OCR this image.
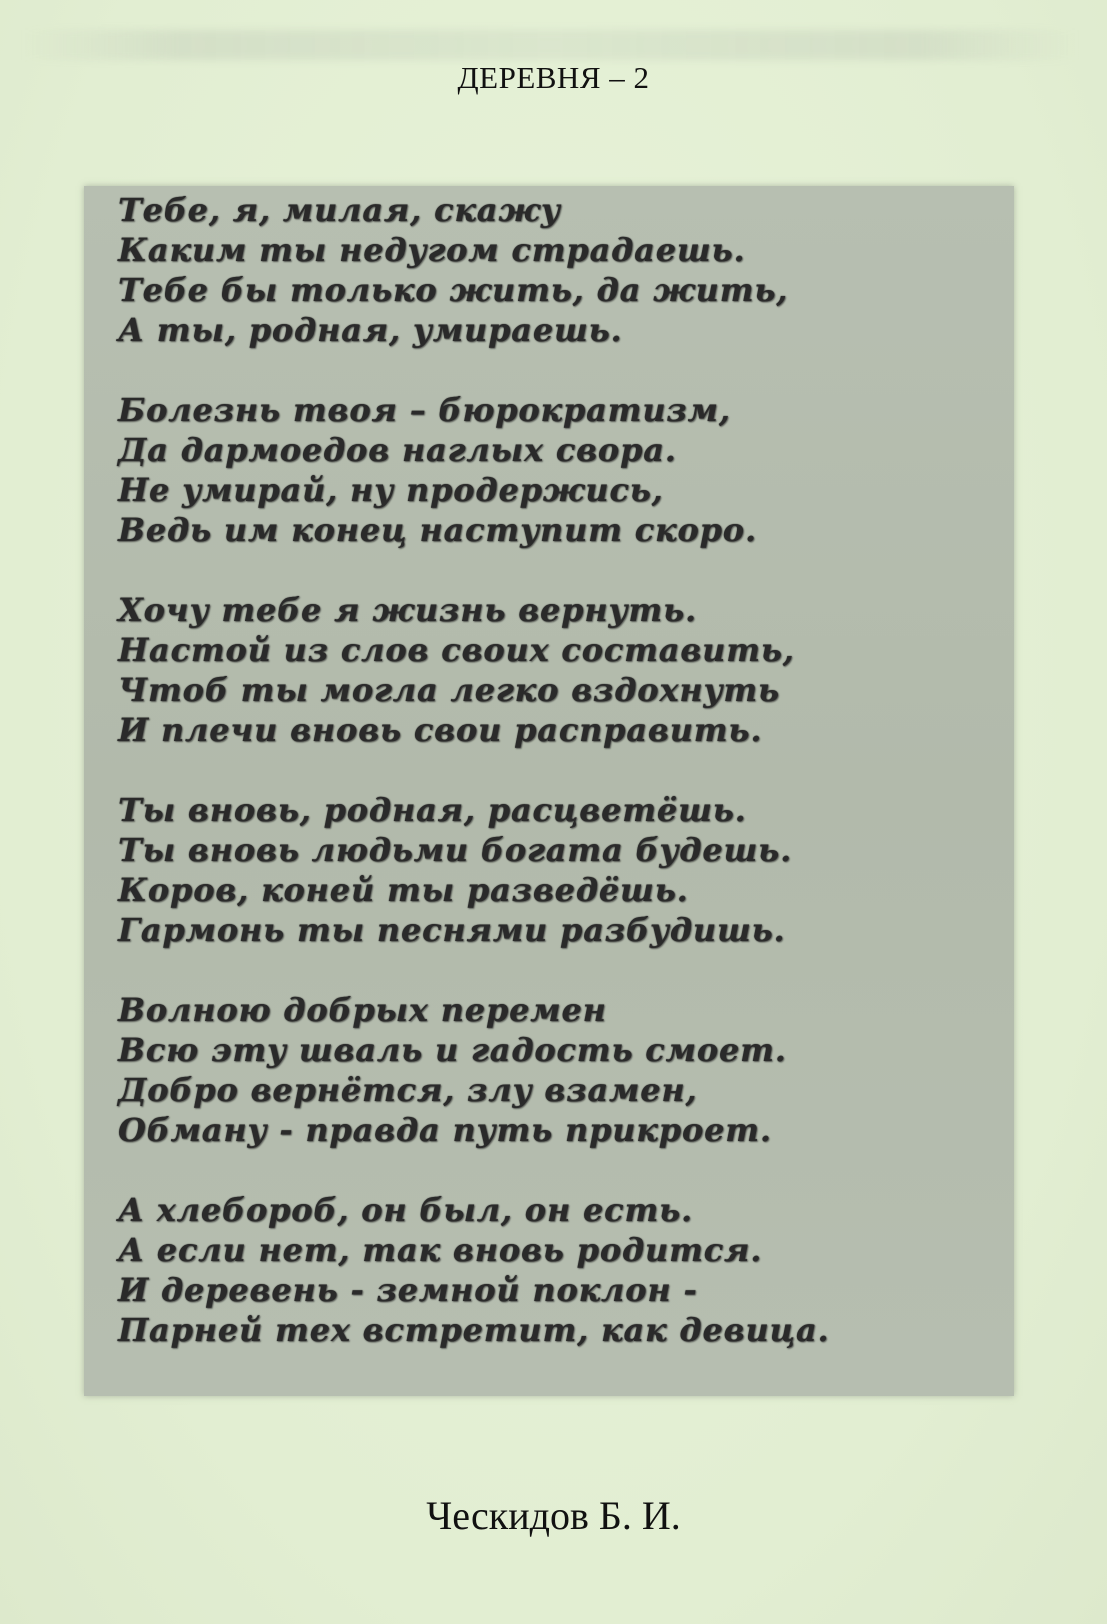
ДЕРЕВНЯ – 2
Тебе, я, милая, скажу
Каким ты недугом страдаешь.
Тебе бы только жить, да жить,
А ты, родная, умираешь.
Болезнь твоя – бюрократизм,
Да дармоедов наглых свора.
Не умирай, ну продержись,
Ведь им конец наступит скоро.
Хочу тебе я жизнь вернуть.
Настой из слов своих составить,
Чтоб ты могла легко вздохнуть
И плечи вновь свои расправить.
Ты вновь, родная, расцветёшь.
Ты вновь людьми богата будешь.
Коров, коней ты разведёшь.
Гармонь ты песнями разбудишь.
Волною добрых перемен
Всю эту шваль и гадость смоет.
Добро вернётся, злу взамен,
Обману - правда путь прикроет.
А хлебороб, он был, он есть.
А если нет, так вновь родится.
И деревень - земной поклон -
Парней тех встретит, как девица.
Ческидов Б. И.
